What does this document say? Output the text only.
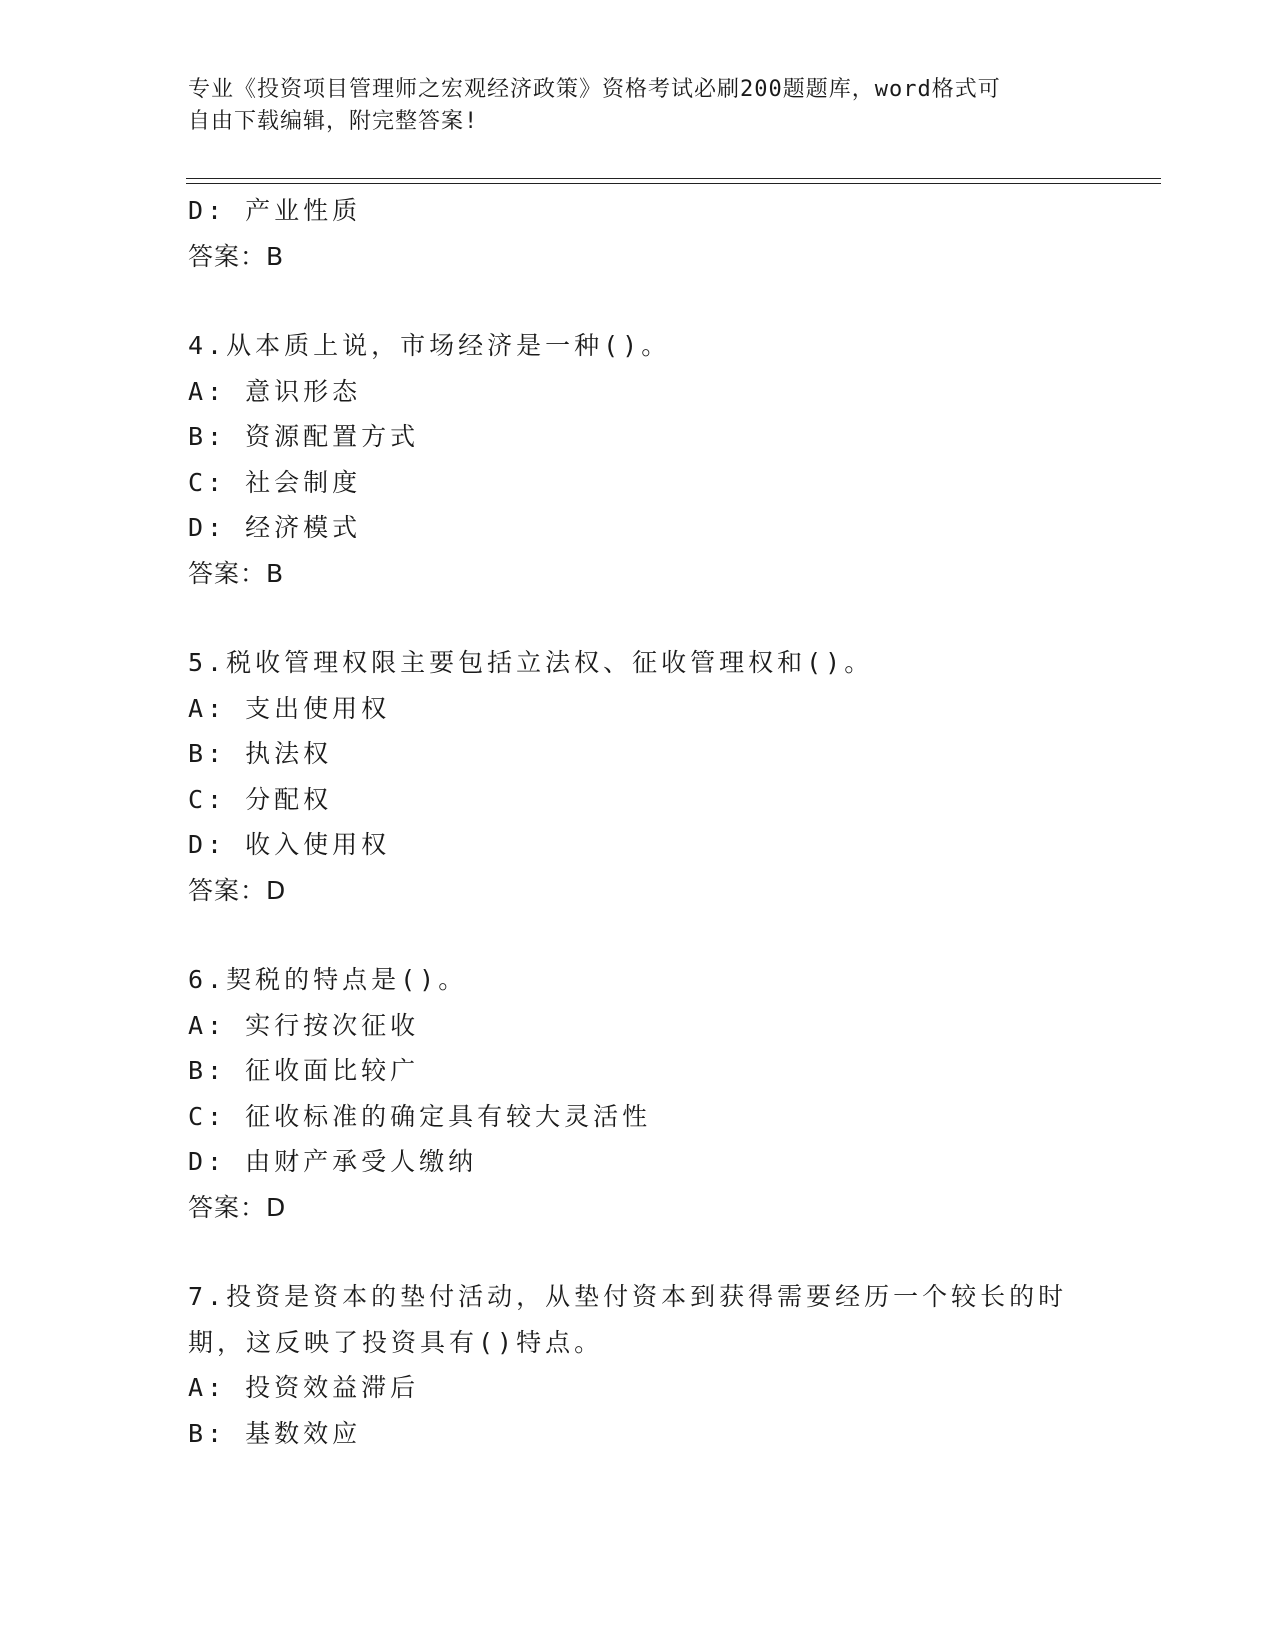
专业《投资项目管理师之宏观经济政策》资格考试必刷200题题库，word格式可
自由下载编辑，附完整答案!
D: 产业性质
答案：B
4.从本质上说，市场经济是一种()。
A: 意识形态
B: 资源配置方式
C: 社会制度
D: 经济模式
答案：B
5.税收管理权限主要包括立法权、征收管理权和()。
A: 支出使用权
B: 执法权
C: 分配权
D: 收入使用权
答案：D
6.契税的特点是()。
A: 实行按次征收
B: 征收面比较广
C: 征收标准的确定具有较大灵活性
D: 由财产承受人缴纳
答案：D
7.投资是资本的垫付活动，从垫付资本到获得需要经历一个较长的时
期，这反映了投资具有()特点。
A: 投资效益滞后
B: 基数效应
